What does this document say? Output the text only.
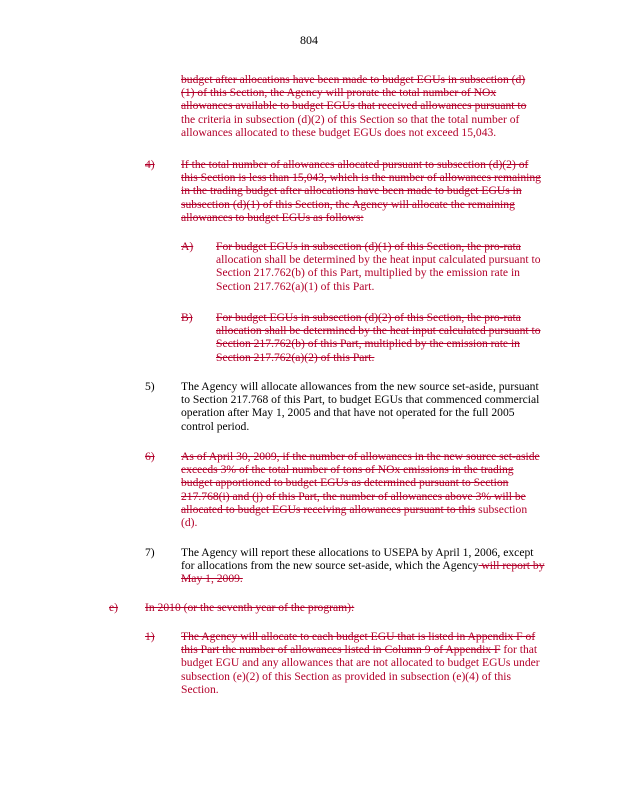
804
budget after allocations have been made to budget EGUs in subsection (d)(1) of this Section, the Agency will prorate the total number of NOx allowances available to budget EGUs that received allowances pursuant to the criteria in subsection (d)(2) of this Section so that the total number of allowances allocated to these budget EGUs does not exceed 15,043.
4) If the total number of allowances allocated pursuant to subsection (d)(2) of this Section is less than 15,043, which is the number of allowances remaining in the trading budget after allocations have been made to budget EGUs in subsection (d)(1) of this Section, the Agency will allocate the remaining allowances to budget EGUs as follows:
A) For budget EGUs in subsection (d)(1) of this Section, the pro-rata allocation shall be determined by the heat input calculated pursuant to Section 217.762(b) of this Part, multiplied by the emission rate in Section 217.762(a)(1) of this Part.
B) For budget EGUs in subsection (d)(2) of this Section, the pro-rata allocation shall be determined by the heat input calculated pursuant to Section 217.762(b) of this Part, multiplied by the emission rate in Section 217.762(a)(2) of this Part.
5) The Agency will allocate allowances from the new source set-aside, pursuant to Section 217.768 of this Part, to budget EGUs that commenced commercial operation after May 1, 2005 and that have not operated for the full 2005 control period.
6) As of April 30, 2009, if the number of allowances in the new source set-aside exceeds 3% of the total number of tons of NOx emissions in the trading budget apportioned to budget EGUs as determined pursuant to Section 217.768(i) and (j) of this Part, the number of allowances above 3% will be allocated to budget EGUs receiving allowances pursuant to this subsection (d).
7) The Agency will report these allocations to USEPA by April 1, 2006, except for allocations from the new source set-aside, which the Agency will report by May 1, 2009.
e) In 2010 (or the seventh year of the program):
1) The Agency will allocate to each budget EGU that is listed in Appendix F of this Part the number of allowances listed in Column 9 of Appendix F for that budget EGU and any allowances that are not allocated to budget EGUs under subsection (e)(2) of this Section as provided in subsection (e)(4) of this Section.
